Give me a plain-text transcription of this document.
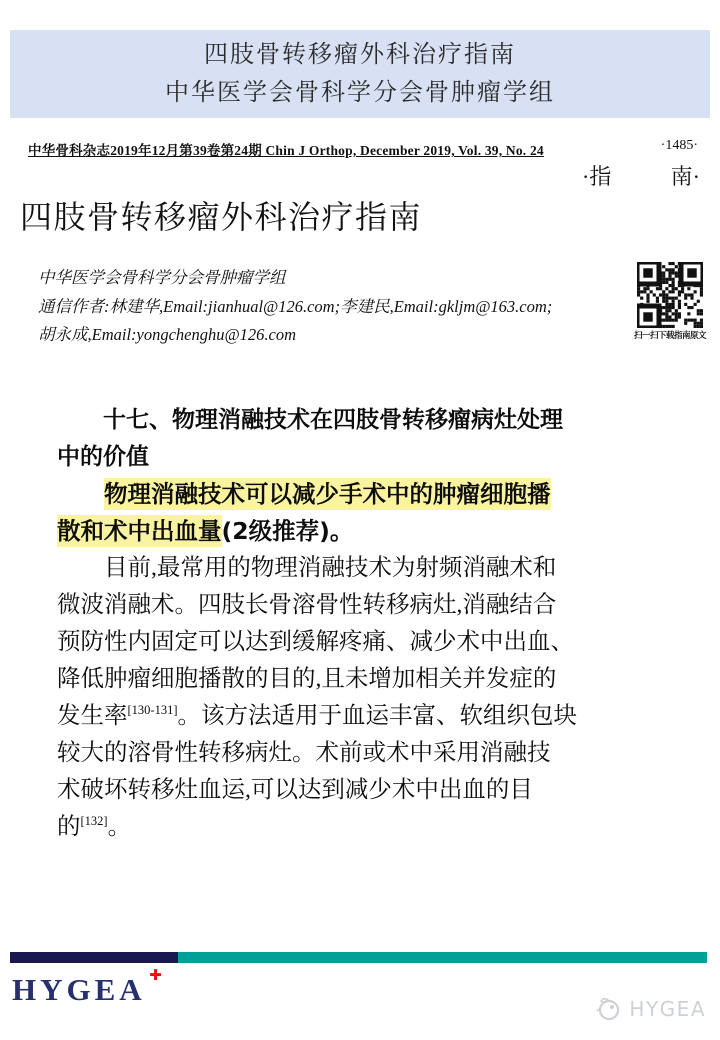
四肢骨转移瘤外科治疗指南
中华医学会骨科学分会骨肿瘤学组
中华骨科杂志2019年12月第39卷第24期 Chin J Orthop, December 2019, Vol. 39, No. 24	·1485·
·指	南·
四肢骨转移瘤外科治疗指南
中华医学会骨科学分会骨肿瘤学组
通信作者:林建华,Email:jianhual@126.com;李建民,Email:gkljm@163.com;
胡永成,Email:yongchenghu@126.com	扫一扫下载指南原文
十七、物理消融技术在四肢骨转移瘤病灶处理
中的价值
物理消融技术可以减少手术中的肿瘤细胞播
散和术中出血量(2级推荐)。
目前,最常用的物理消融技术为射频消融术和
微波消融术。四肢长骨溶骨性转移病灶,消融结合
预防性内固定可以达到缓解疼痛、减少术中出血、
降低肿瘤细胞播散的目的,且未增加相关并发症的
发生率[130-131]。该方法适用于血运丰富、软组织包块
较大的溶骨性转移病灶。术前或术中采用消融技
术破坏转移灶血运,可以达到减少术中出血的目
的[132]。
HYGEA ✚
HYGEA
